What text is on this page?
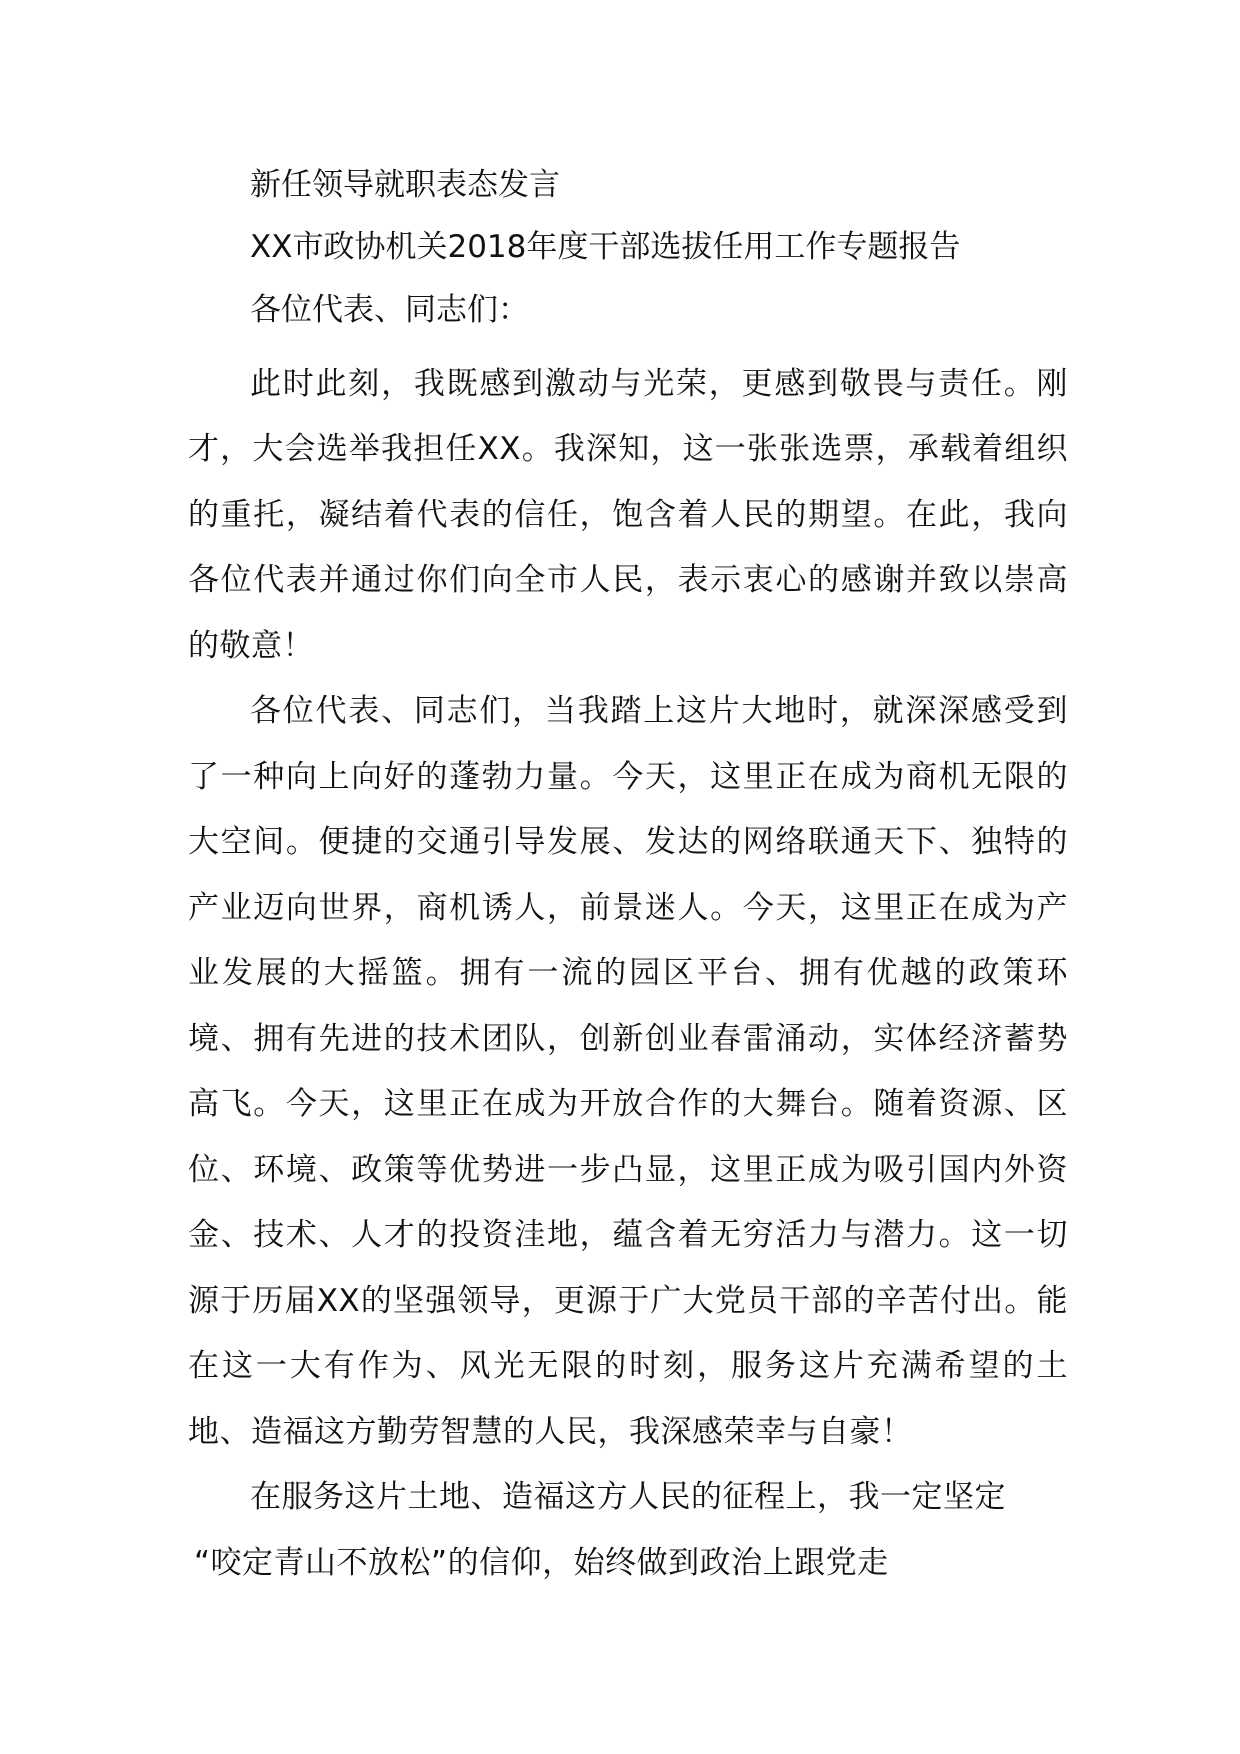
新任领导就职表态发言
XX市政协机关2018年度干部选拔任用工作专题报告
各位代表、同志们：

此时此刻，我既感到激动与光荣，更感到敬畏与责任。刚才，大会选举我担任XX。我深知，这一张张选票，承载着组织的重托，凝结着代表的信任，饱含着人民的期望。在此，我向各位代表并通过你们向全市人民，表示衷心的感谢并致以崇高的敬意！

各位代表、同志们，当我踏上这片大地时，就深深感受到了一种向上向好的蓬勃力量。今天，这里正在成为商机无限的大空间。便捷的交通引导发展、发达的网络联通天下、独特的产业迈向世界，商机诱人，前景迷人。今天，这里正在成为产业发展的大摇篮。拥有一流的园区平台、拥有优越的政策环境、拥有先进的技术团队，创新创业春雷涌动，实体经济蓄势高飞。今天，这里正在成为开放合作的大舞台。随着资源、区位、环境、政策等优势进一步凸显，这里正成为吸引国内外资金、技术、人才的投资洼地，蕴含着无穷活力与潜力。这一切源于历届XX的坚强领导，更源于广大党员干部的辛苦付出。能在这一大有作为、风光无限的时刻，服务这片充满希望的土地、造福这方勤劳智慧的人民，我深感荣幸与自豪！

在服务这片土地、造福这方人民的征程上，我一定坚定

“咬定青山不放松”的信仰，始终做到政治上跟党走
